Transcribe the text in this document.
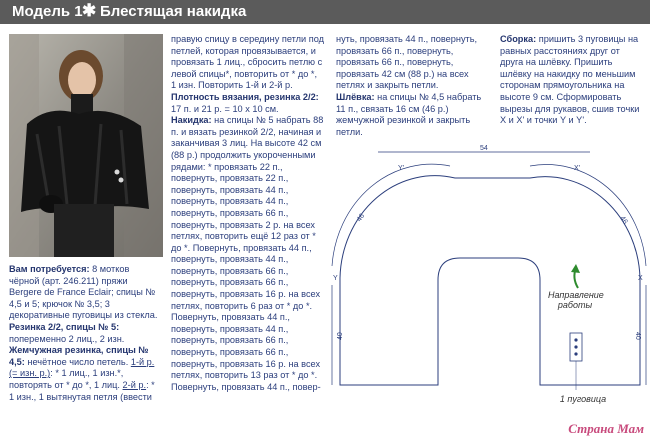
Модель 1 ✱ Блестящая накидка

Вам потребуется: 8 мотков чёрной (арт. 246.211) пряжи Bergere de France Eclair; спицы № 4,5 и 5; крючок № 3,5; 3 декоративные пуговицы из стекла.

Резинка 2/2, спицы № 5: попеременно 2 лиц., 2 изн.

Жемчужная резинка, спицы № 4,5: нечётное число петель. 1-й р. (= изн. р.): * 1 лиц., 1 изн.*, повторять от * до *, 1 лиц. 2-й р.: * 1 изн., 1 вытянутая петля (ввести

правую спицу в середину петли под петлей, которая провязывается, и провязать 1 лиц., сбросить петлю с левой спицы*, повторить от * до *, 1 изн. Повторить 1-й и 2-й р.

Плотность вязания, резинка 2/2: 17 п. и 21 р. = 10 х 10 см.

Накидка: на спицы № 5 набрать 88 п. и вязать резинкой 2/2, начиная и заканчивая 3 лиц. На высоте 42 см (88 р.) продолжить укороченными рядами: * провязать 22 п., повернуть, провязать 22 п., повернуть, провязать 44 п., повернуть, провязать 44 п., повернуть, провязать 66 п., повернуть, провязать 2 р. на всех петлях, повторить ещё 12 раз от * до *. Повернуть, провязать 44 п., повернуть, провязать 44 п., повернуть, провязать 66 п., повернуть, провязать 66 п., повернуть, провязать 16 р. на всех петлях, повторить 6 раз от * до *. Повернуть, провязать 44 п., повернуть, провязать 44 п., повернуть, провязать 66 п., повернуть, провязать 66 п., повернуть, провязать 16 р. на всех петлях, повторить 13 раз от * до *. Повернуть, провязать 44 п., повер-

нуть, провязать 44 п., повернуть, провязать 66 п., повернуть, провязать 66 п., повернуть, провязать 42 см (88 р.) на всех петлях и закрыть петли.

Шлёвка: на спицы № 4,5 набрать 11 п., связать 16 см (46 р.) жемчужной резинкой и закрыть петли.

Сборка: пришить 3 пуговицы на равных расстояниях друг от друга на шлёвку. Пришить шлёвку на накидку по меньшим сторонам прямоугольника на высоте 9 см. Сформировать вырезы для рукавов, сшив точки X и X' и точки Y и Y'.

54
46	46
40	40
Y'	X'
Y	X
Направление работы
1 пуговица
Страна Мам
